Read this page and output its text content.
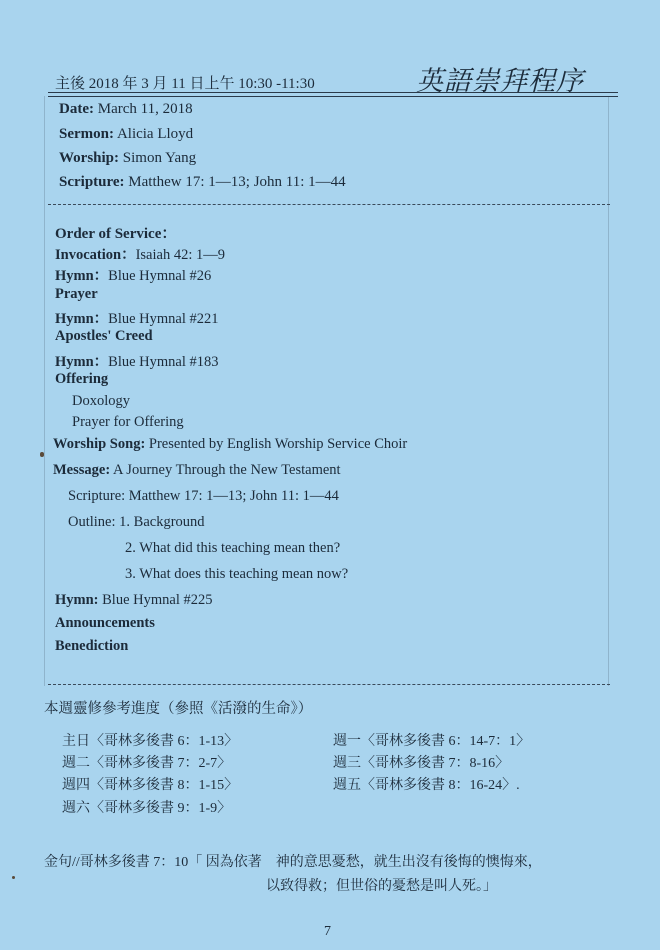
主後 2018 年 3 月 11 日上午 10:30 -11:30	英語崇拜程序
Date: March 11, 2018
Sermon: Alicia Lloyd
Worship: Simon Yang
Scripture: Matthew 17: 1—13; John 11: 1—44
Order of Service：
Invocation：Isaiah 42: 1—9
Hymn：Blue Hymnal #26
Prayer
Hymn：Blue Hymnal #221
Apostles' Creed
Hymn：Blue Hymnal #183
Offering
Doxology
Prayer for Offering
Worship Song: Presented by English Worship Service Choir
Message: A Journey Through the New Testament
Scripture: Matthew 17: 1—13; John 11: 1—44
Outline: 1. Background
2. What did this teaching mean then?
3. What does this teaching mean now?
Hymn: Blue Hymnal #225
Announcements
Benediction
本週靈修參考進度（參照《活潑的生命》）
主日〈哥林多後書 6：1-13〉
週二〈哥林多後書 7：2-7〉
週四〈哥林多後書 8：1-15〉
週六〈哥林多後書 9：1-9〉
週一〈哥林多後書 6：14-7：1〉
週三〈哥林多後書 7：8-16〉
週五〈哥林多後書 8：16-24〉.
金句//哥林多後書 7：10「 因為依著　神的意思憂愁，就生出沒有後悔的懊悔來，
以致得救；但世俗的憂愁是叫人死。」
7
